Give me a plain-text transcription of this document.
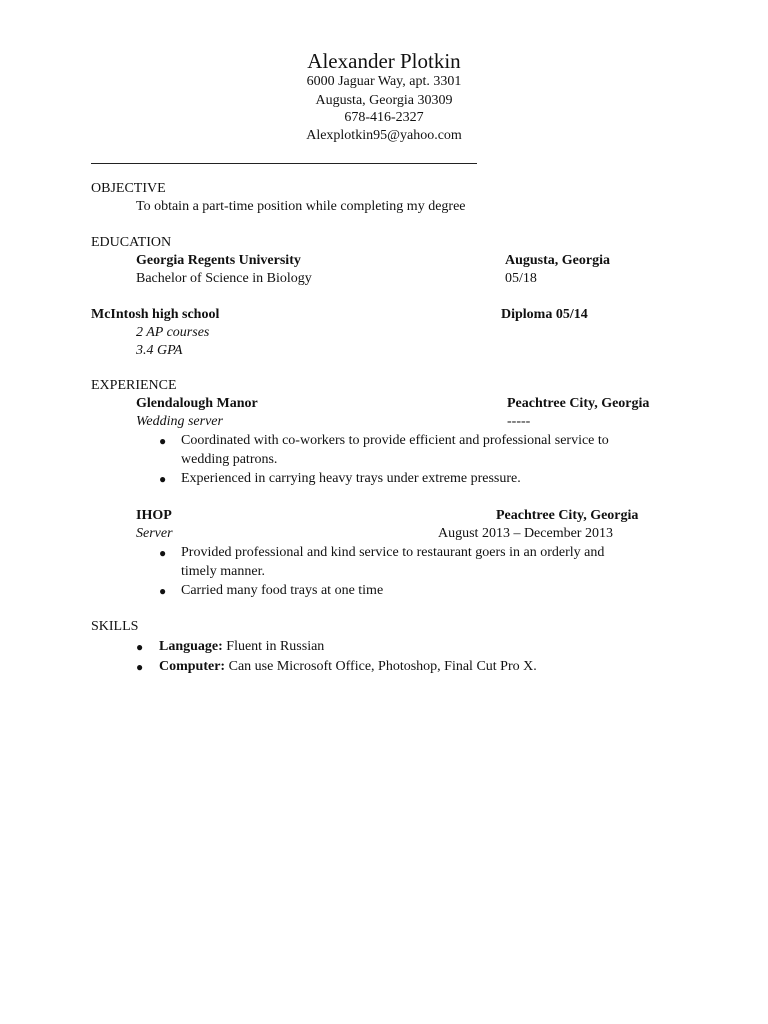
Alexander Plotkin
6000 Jaguar Way, apt. 3301
Augusta, Georgia 30309
678-416-2327
Alexplotkin95@yahoo.com
OBJECTIVE
To obtain a part-time position while completing my degree
EDUCATION
Georgia Regents University	Augusta, Georgia
Bachelor of Science in Biology	05/18
McIntosh high school	Diploma 05/14
2 AP courses
3.4 GPA
EXPERIENCE
Glendalough Manor	Peachtree City, Georgia
Wedding server	-----
● Coordinated with co-workers to provide efficient and professional service to
wedding patrons.
● Experienced in carrying heavy trays under extreme pressure.
IHOP	Peachtree City, Georgia
Server	August 2013 – December 2013
● Provided professional and kind service to restaurant goers in an orderly and
timely manner.
● Carried many food trays at one time
SKILLS
● Language: Fluent in Russian
● Computer: Can use Microsoft Office, Photoshop, Final Cut Pro X.
